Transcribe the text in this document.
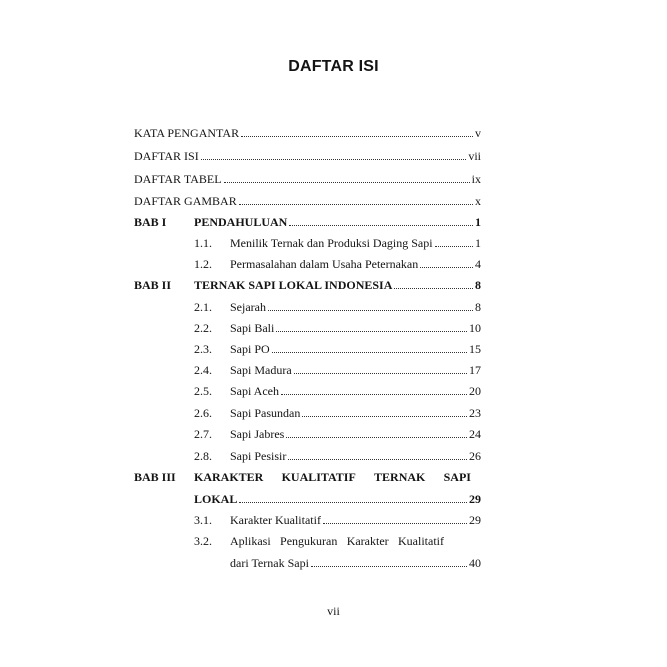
DAFTAR ISI
KATA PENGANTAR	v
DAFTAR ISI	vii
DAFTAR TABEL	ix
DAFTAR GAMBAR	x
BAB I PENDAHULUAN	1
1.1. Menilik Ternak dan Produksi Daging Sapi	1
1.2. Permasalahan dalam Usaha Peternakan	4
BAB II TERNAK SAPI LOKAL INDONESIA	8
2.1. Sejarah	8
2.2. Sapi Bali	10
2.3. Sapi PO	15
2.4. Sapi Madura	17
2.5. Sapi Aceh	20
2.6. Sapi Pasundan	23
2.7. Sapi Jabres	24
2.8. Sapi Pesisir	26
BAB III KARAKTER KUALITATIF TERNAK SAPI
LOKAL	29
3.1. Karakter Kualitatif	29
3.2. Aplikasi Pengukuran Karakter Kualitatif
dari Ternak Sapi	40
vii
